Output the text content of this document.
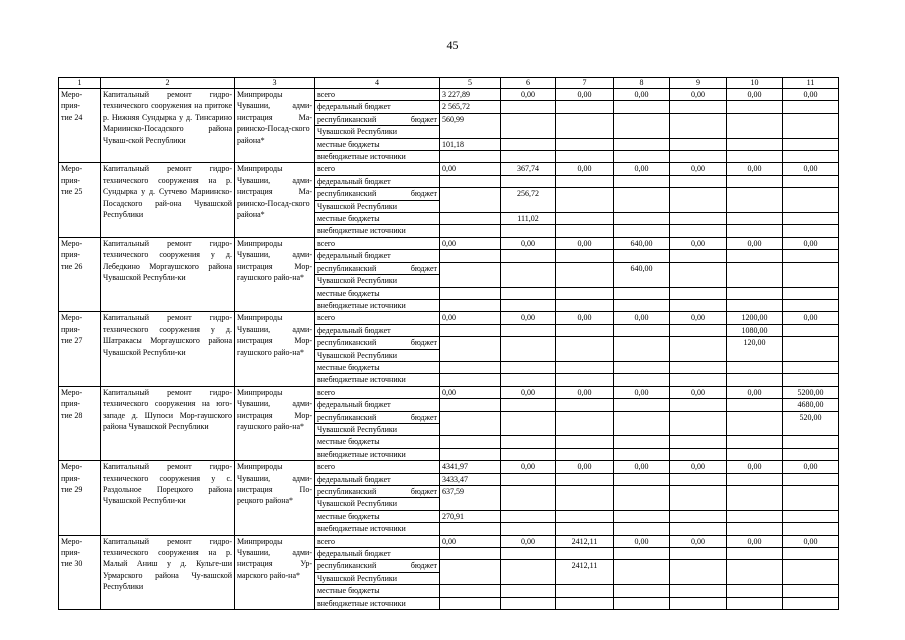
45
1	2	3	4	5	6	7	8	9	10	11
Меро-
прия-
тие 24	Капитальный ремонт гидро-технического сооружения на притоке р. Нижняя Сундырка у д. Тинсарино Мариинско-Посадского района Чуваш-ской Республики	Минприроды Чувашии, адми-нистрация Ма-риинско-Посад-ского района*	всего	3 227,89	0,00	0,00	0,00	0,00	0,00	0,00
			федеральный бюджет	2 565,72						
			республиканский бюджет	560,99						
			Чувашской Республики							
			местные бюджеты	101,18						
			внебюджетные источники							
Меро-
прия-
тие 25	Капитальный ремонт гидро-технического сооружения на р. Сундырка у д. Сутчево Мариинско-Посадского рай-она Чувашской Республики	Минприроды Чувашии, адми-нистрация Ма-риинско-Посад-ского района*	всего	0,00	367,74	0,00	0,00	0,00	0,00	0,00
			федеральный бюджет							
			республиканский бюджет		256,72					
			Чувашской Республики							
			местные бюджеты		111,02					
			внебюджетные источники							
Меро-
прия-
тие 26	Капитальный ремонт гидро-технического сооружения у д. Лебедкино Моргаушского района Чувашской Республи-ки	Минприроды Чувашии, адми-нистрация Мор-гаушского райо-на*	всего	0,00	0,00	0,00	640,00	0,00	0,00	0,00
			федеральный бюджет							
			республиканский бюджет				640,00			
			Чувашской Республики							
			местные бюджеты							
			внебюджетные источники							
Меро-
прия-
тие 27	Капитальный ремонт гидро-технического сооружения у д. Шатракасы Моргаушского района Чувашской Республи-ки	Минприроды Чувашии, адми-нистрация Мор-гаушского райо-на*	всего	0,00	0,00	0,00	0,00	0,00	1200,00	0,00
			федеральный бюджет						1080,00	
			республиканский бюджет						120,00	
			Чувашской Республики							
			местные бюджеты							
			внебюджетные источники							
Меро-
прия-
тие 28	Капитальный ремонт гидро-технического сооружения на юго-западе д. Шупоси Мор-гаушского района Чувашской Республики	Минприроды Чувашии, адми-нистрация Мор-гаушского райо-на*	всего	0,00	0,00	0,00	0,00	0,00	0,00	5200,00
			федеральный бюджет							4680,00
			республиканский бюджет							520,00
			Чувашской Республики							
			местные бюджеты							
			внебюджетные источники							
Меро-
прия-
тие 29	Капитальный ремонт гидро-технического сооружения у с. Раздольное Порецкого района Чувашской Республи-ки	Минприроды Чувашии, адми-нистрация По-рецкого района*	всего	4341,97	0,00	0,00	0,00	0,00	0,00	0,00
			федеральный бюджет	3433,47						
			республиканский бюджет	637,59						
			Чувашской Республики							
			местные бюджеты	270,91						
			внебюджетные источники							
Меро-
прия-
тие 30	Капитальный ремонт гидро-технического сооружения на р. Малый Аниш у д. Кульге-ши Урмарского района Чу-вашской Республики	Минприроды Чувашии, адми-нистрация Ур-марского райо-на*	всего	0,00	0,00	2412,11	0,00	0,00	0,00	0,00
			федеральный бюджет							
			республиканский бюджет			2412,11				
			Чувашской Республики							
			местные бюджеты							
			внебюджетные источники							
